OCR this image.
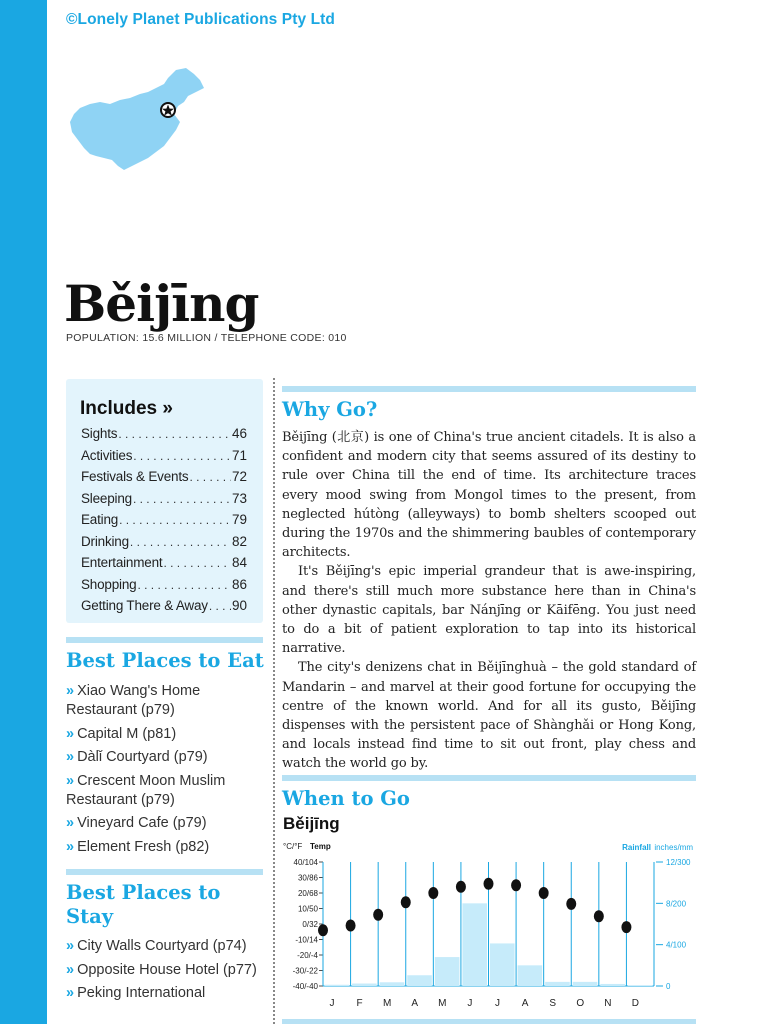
©Lonely Planet Publications Pty Ltd
Běijīng
POPULATION: 15.6 MILLION / TELEPHONE CODE: 010
Includes »
Sights . . .	46
Activities . . .	71
Festivals & Events . . .	72
Sleeping . . .	73
Eating . . .	79
Drinking . . .	82
Entertainment . . .	84
Shopping . . .	86
Getting There & Away . . . 90
Best Places to Eat
» Xiao Wang's Home Restaurant (p79)
» Capital M (p81)
» Dàlǐ Courtyard (p79)
» Crescent Moon Muslim Restaurant (p79)
» Vineyard Cafe (p79)
» Element Fresh (p82)
Best Places to Stay
» City Walls Courtyard (p74)
» Opposite House Hotel (p77)
» Peking International
Why Go?

Běijīng (北京) is one of China's true ancient citadels. It is also a confident and modern city that seems assured of its destiny to rule over China till the end of time. Its architecture traces every mood swing from Mongol times to the present, from neglected hútòng (alleyways) to bomb shelters scooped out during the 1970s and the shimmering baubles of contemporary architects.

It's Běijīng's epic imperial grandeur that is awe-inspiring, and there's still much more substance here than in China's other dynastic capitals, bar Nánjīng or Kāifēng. You just need to do a bit of patient exploration to tap into its historical narrative.

The city's denizens chat in Běijīnghuà – the gold standard of Mandarin – and marvel at their good fortune for occupying the centre of the known world. And for all its gusto, Běijīng dispenses with the persistent pace of Shànghǎi or Hong Kong, and locals instead find time to sit out front, play chess and watch the world go by.

When to Go
Běijīng
°C/°F Temp	Rainfall inches/mm
40/104
30/86
20/68
10/50
0/32
-10/14
-20/-4
-30/-22
-40/-40
12/300
8/200
4/100
0
J F M A M J J A S O N D
